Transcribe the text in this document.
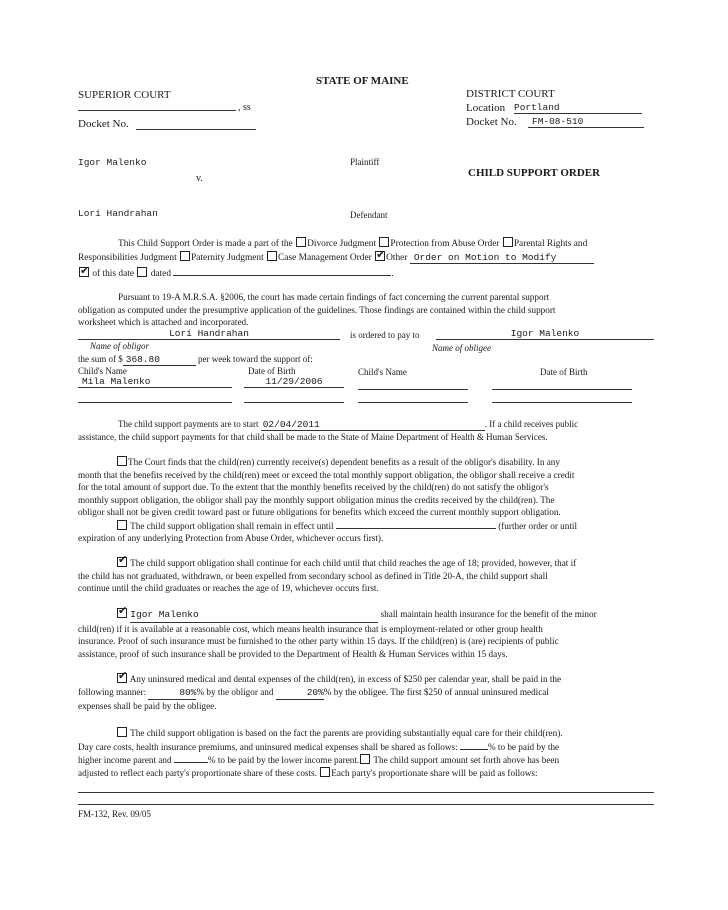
STATE OF MAINE
SUPERIOR COURT
, ss
Docket No.
DISTRICT COURT
Location Portland
Docket No.	FM-08-510
Igor Malenko	Plaintiff
v.	CHILD SUPPORT ORDER
Lori Handrahan	Defendant
This Child Support Order is made a part of the Divorce Judgment Protection from Abuse Order Parental Rights and
Responsibilities Judgment Paternity Judgment Case Management Order ✔ Other Order on Motion to Modify
✔ of this date dated	.
Pursuant to 19-A M.R.S.A. §2006, the court has made certain findings of fact concerning the current parental support
obligation as computed under the presumptive application of the guidelines. Those findings are contained within the child support
worksheet which is attached and incorporated.
Lori Handrahan	is ordered to pay to	Igor Malenko
Name of obligor	Name of obligee
the sum of $ 368.80	per week toward the support of:
Child's Name	Date of Birth	Child's Name	Date of Birth
Mila Malenko	11/29/2006
The child support payments are to start 02/04/2011	. If a child receives public
assistance, the child support payments for that child shall be made to the State of Maine Department of Health & Human Services.
The Court finds that the child(ren) currently receive(s) dependent benefits as a result of the obligor's disability. In any
month that the benefits received by the child(ren) meet or exceed the total monthly support obligation, the obligor shall receive a credit
for the total amount of support due. To the extent that the monthly benefits received by the child(ren) do not satisfy the obligor's
monthly support obligation, the obligor shall pay the monthly support obligation minus the credits received by the child(ren). The
obligor shall not be given credit toward past or future obligations for benefits which exceed the current monthly support obligation.
The child support obligation shall remain in effect until	(further order or until
expiration of any underlying Protection from Abuse Order, whichever occurs first).
✔ The child support obligation shall continue for each child until that child reaches the age of 18; provided, however, that if
the child has not graduated, withdrawn, or been expelled from secondary school as defined in Title 20-A, the child support shall
continue until the child graduates or reaches the age of 19, whichever occurs first.
✔ Igor Malenko	shall maintain health insurance for the benefit of the minor
child(ren) if it is available at a reasonable cost, which means health insurance that is employment-related or other group health
insurance. Proof of such insurance must be furnished to the other party within 15 days. If the child(ren) is (are) recipients of public
assistance, proof of such insurance shall be provided to the Department of Health & Human Services within 15 days.
✔ Any uninsured medical and dental expenses of the child(ren), in excess of $250 per calendar year, shall be paid in the
following manner:	80%% by the obligor and	20%% by the obligee. The first $250 of annual uninsured medical
expenses shall be paid by the obligee.
The child support obligation is based on the fact the parents are providing substantially equal care for their child(ren).
Day care costs, health insurance premiums, and uninsured medical expenses shall be shared as follows:	% to be paid by the
higher income parent and	% to be paid by the lower income parent. The child support amount set forth above has been
adjusted to reflect each party's proportionate share of these costs. Each party's proportionate share will be paid as follows:
FM-132, Rev. 09/05
